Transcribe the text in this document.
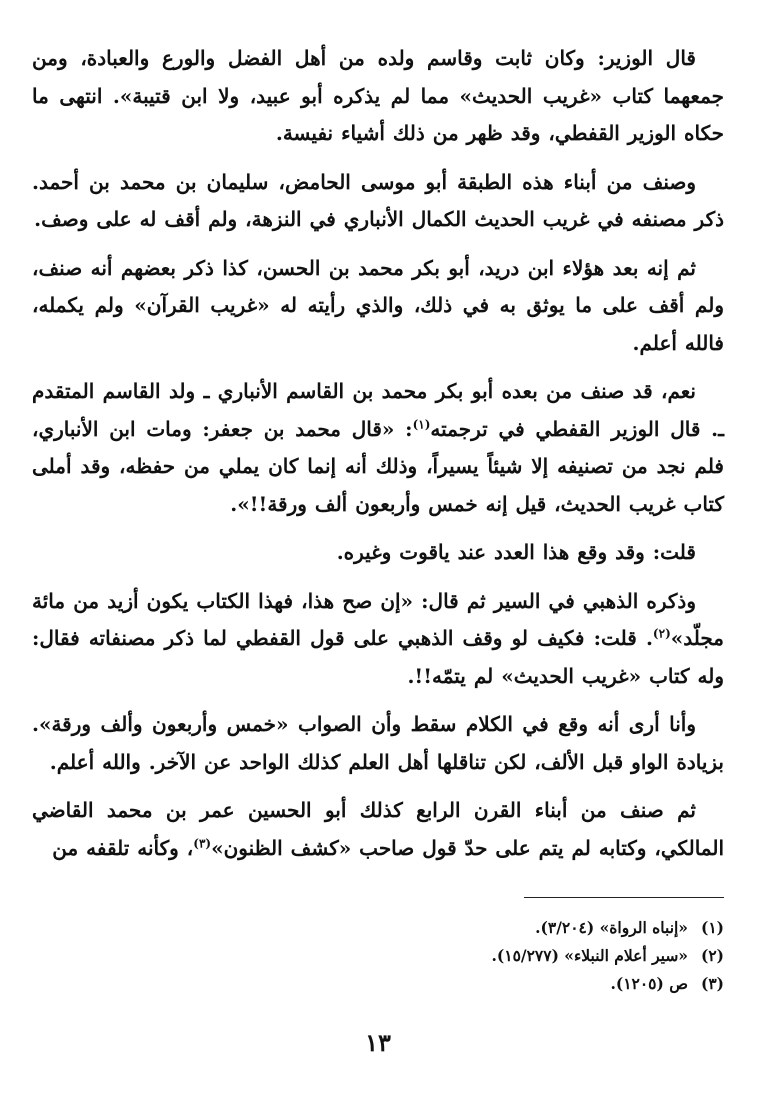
قال الوزير: وكان ثابت وقاسم ولده من أهل الفضل والورع والعبادة، ومن جمعهما كتاب «غريب الحديث» مما لم يذكره أبو عبيد، ولا ابن قتيبة». انتهى ما حكاه الوزير القفطي، وقد ظهر من ذلك أشياء نفيسة.

وصنف من أبناء هذه الطبقة أبو موسى الحامض، سليمان بن محمد بن أحمد. ذكر مصنفه في غريب الحديث الكمال الأنباري في النزهة، ولم أقف له على وصف.

ثم إنه بعد هؤلاء ابن دريد، أبو بكر محمد بن الحسن، كذا ذكر بعضهم أنه صنف، ولم أقف على ما يوثق به في ذلك، والذي رأيته له «غريب القرآن» ولم يكمله، فالله أعلم.

نعم، قد صنف من بعده أبو بكر محمد بن القاسم الأنباري ـ ولد القاسم المتقدم ـ. قال الوزير القفطي في ترجمته$^{(١)}$: «قال محمد بن جعفر: ومات ابن الأنباري، فلم نجد من تصنيفه إلا شيئاً يسيراً، وذلك أنه إنما كان يملي من حفظه، وقد أملى كتاب غريب الحديث، قيل إنه خمس وأربعون ألف ورقة!!».

قلت: وقد وقع هذا العدد عند ياقوت وغيره.

وذكره الذهبي في السير ثم قال: «إن صح هذا، فهذا الكتاب يكون أزيد من مائة مجلّد»$^{(٢)}$. قلت: فكيف لو وقف الذهبي على قول القفطي لما ذكر مصنفاته فقال: وله كتاب «غريب الحديث» لم يتمّه!!.

وأنا أرى أنه وقع في الكلام سقط وأن الصواب «خمس وأربعون وألف ورقة». بزيادة الواو قبل الألف، لكن تناقلها أهل العلم كذلك الواحد عن الآخر. والله أعلم.

ثم صنف من أبناء القرن الرابع كذلك أبو الحسين عمر بن محمد القاضي المالكي، وكتابه لم يتم على حدّ قول صاحب «كشف الظنون»$^{(٣)}$، وكأنه تلقفه من

(١)«إنباه الرواة» (٣/٢٠٤).
(٢)«سير أعلام النبلاء» (١٥/٢٧٧).
(٣)ص (١٢٠٥).
١٣
